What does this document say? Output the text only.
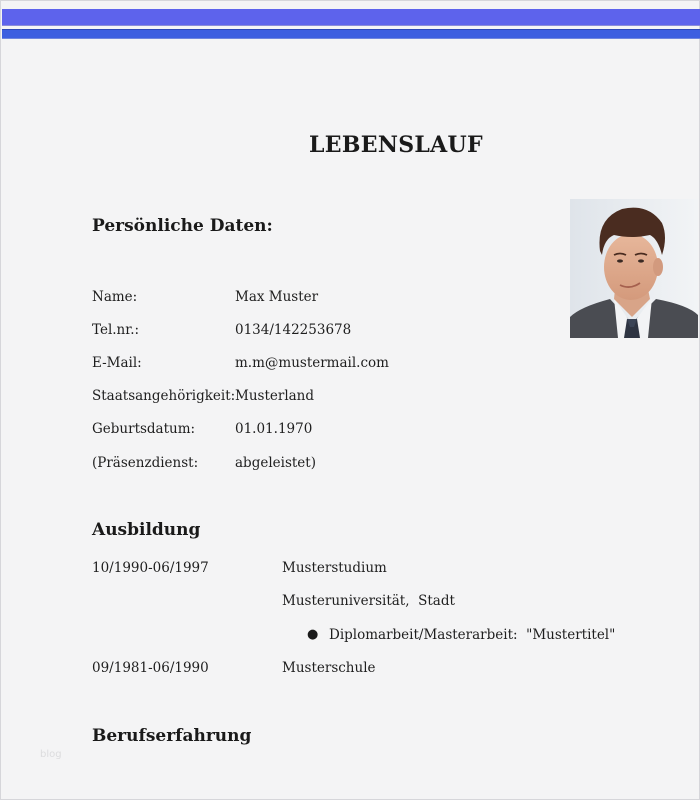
LEBENSLAUF
Persönliche Daten:
Name:	Max Muster
Tel.nr.:	0134/142253678
E-Mail:	m.m@mustermail.com
Staatsangehörigkeit: Musterland
Geburtsdatum:	01.01.1970
(Präsenzdienst:	abgeleistet)
Ausbildung
10/1990-06/1997	Musterstudium
Musteruniversität,  Stadt
● Diplomarbeit/Masterarbeit:  "Mustertitel"
09/1981-06/1990	Musterschule
Berufserfahrung
blog
